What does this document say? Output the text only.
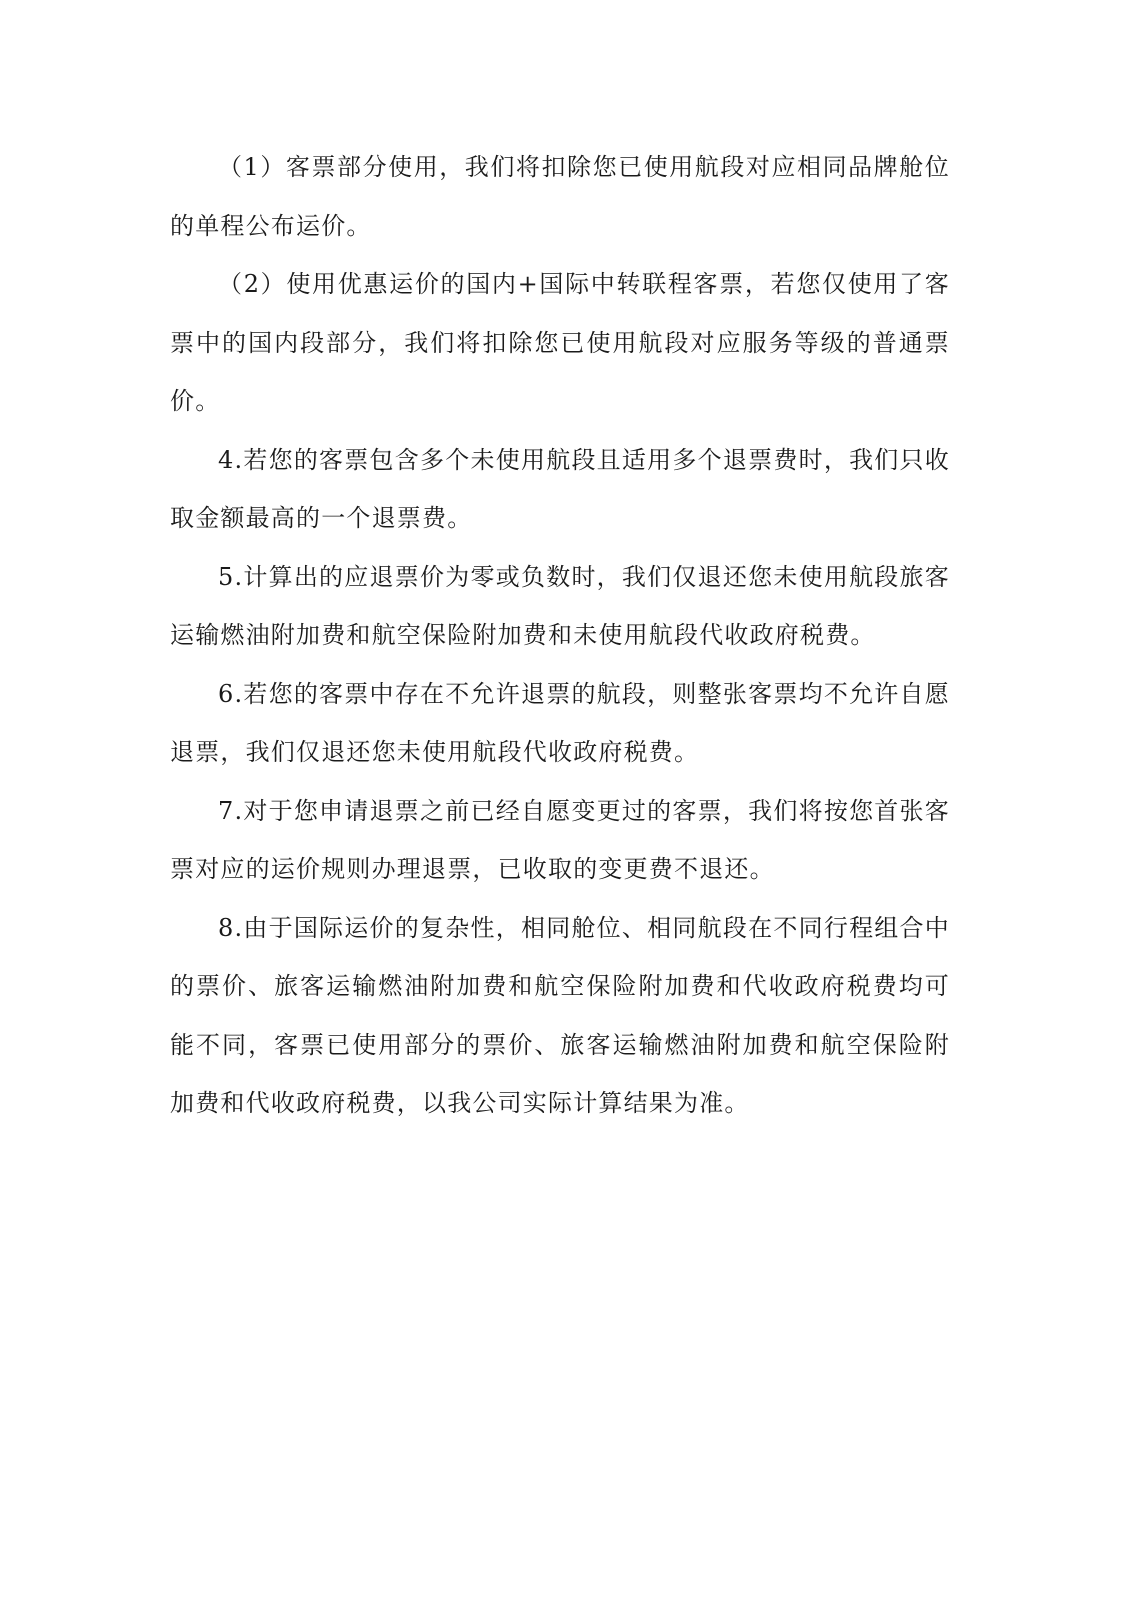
（1）客票部分使用，我们将扣除您已使用航段对应相同品牌舱位的单程公布运价。

（2）使用优惠运价的国内+国际中转联程客票，若您仅使用了客票中的国内段部分，我们将扣除您已使用航段对应服务等级的普通票价。

4.若您的客票包含多个未使用航段且适用多个退票费时，我们只收取金额最高的一个退票费。

5.计算出的应退票价为零或负数时，我们仅退还您未使用航段旅客运输燃油附加费和航空保险附加费和未使用航段代收政府税费。

6.若您的客票中存在不允许退票的航段，则整张客票均不允许自愿退票，我们仅退还您未使用航段代收政府税费。

7.对于您申请退票之前已经自愿变更过的客票，我们将按您首张客票对应的运价规则办理退票，已收取的变更费不退还。

8.由于国际运价的复杂性，相同舱位、相同航段在不同行程组合中的票价、旅客运输燃油附加费和航空保险附加费和代收政府税费均可能不同，客票已使用部分的票价、旅客运输燃油附加费和航空保险附加费和代收政府税费，以我公司实际计算结果为准。
